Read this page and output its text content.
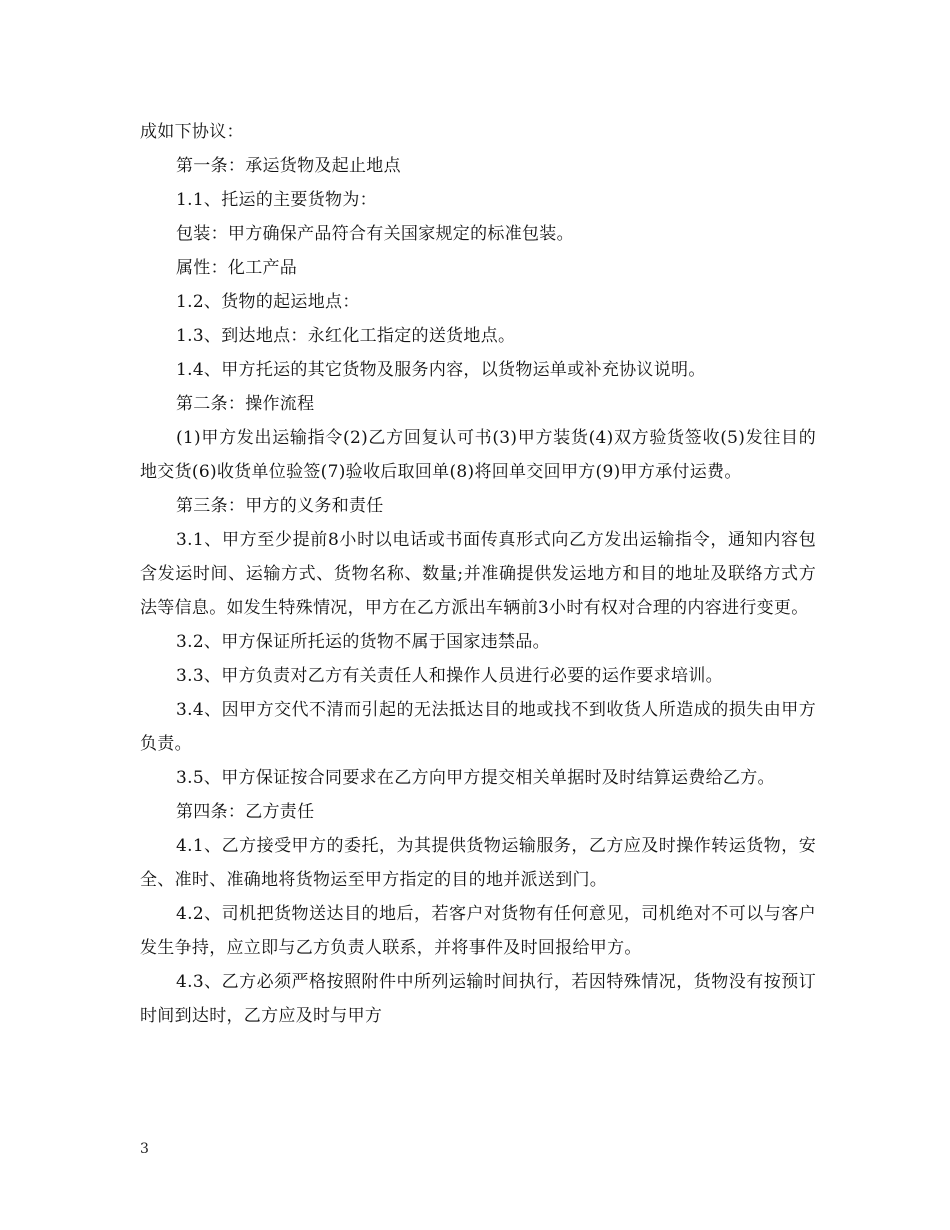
成如下协议：

第一条：承运货物及起止地点

1.1、托运的主要货物为：

包装：甲方确保产品符合有关国家规定的标准包装。

属性：化工产品

1.2、货物的起运地点：

1.3、到达地点：永红化工指定的送货地点。

1.4、甲方托运的其它货物及服务内容，以货物运单或补充协议说明。

第二条：操作流程

(1)甲方发出运输指令(2)乙方回复认可书(3)甲方装货(4)双方验货签收(5)发往目的地交货(6)收货单位验签(7)验收后取回单(8)将回单交回甲方(9)甲方承付运费。

第三条：甲方的义务和责任

3.1、甲方至少提前8小时以电话或书面传真形式向乙方发出运输指令，通知内容包含发运时间、运输方式、货物名称、数量;并准确提供发运地方和目的地址及联络方式方法等信息。如发生特殊情况，甲方在乙方派出车辆前3小时有权对合理的内容进行变更。

3.2、甲方保证所托运的货物不属于国家违禁品。

3.3、甲方负责对乙方有关责任人和操作人员进行必要的运作要求培训。

3.4、因甲方交代不清而引起的无法抵达目的地或找不到收货人所造成的损失由甲方负责。

3.5、甲方保证按合同要求在乙方向甲方提交相关单据时及时结算运费给乙方。

第四条：乙方责任

4.1、乙方接受甲方的委托，为其提供货物运输服务，乙方应及时操作转运货物，安全、准时、准确地将货物运至甲方指定的目的地并派送到门。

4.2、司机把货物送达目的地后，若客户对货物有任何意见，司机绝对不可以与客户发生争持，应立即与乙方负责人联系，并将事件及时回报给甲方。

4.3、乙方必须严格按照附件中所列运输时间执行，若因特殊情况，货物没有按预订时间到达时，乙方应及时与甲方

3
